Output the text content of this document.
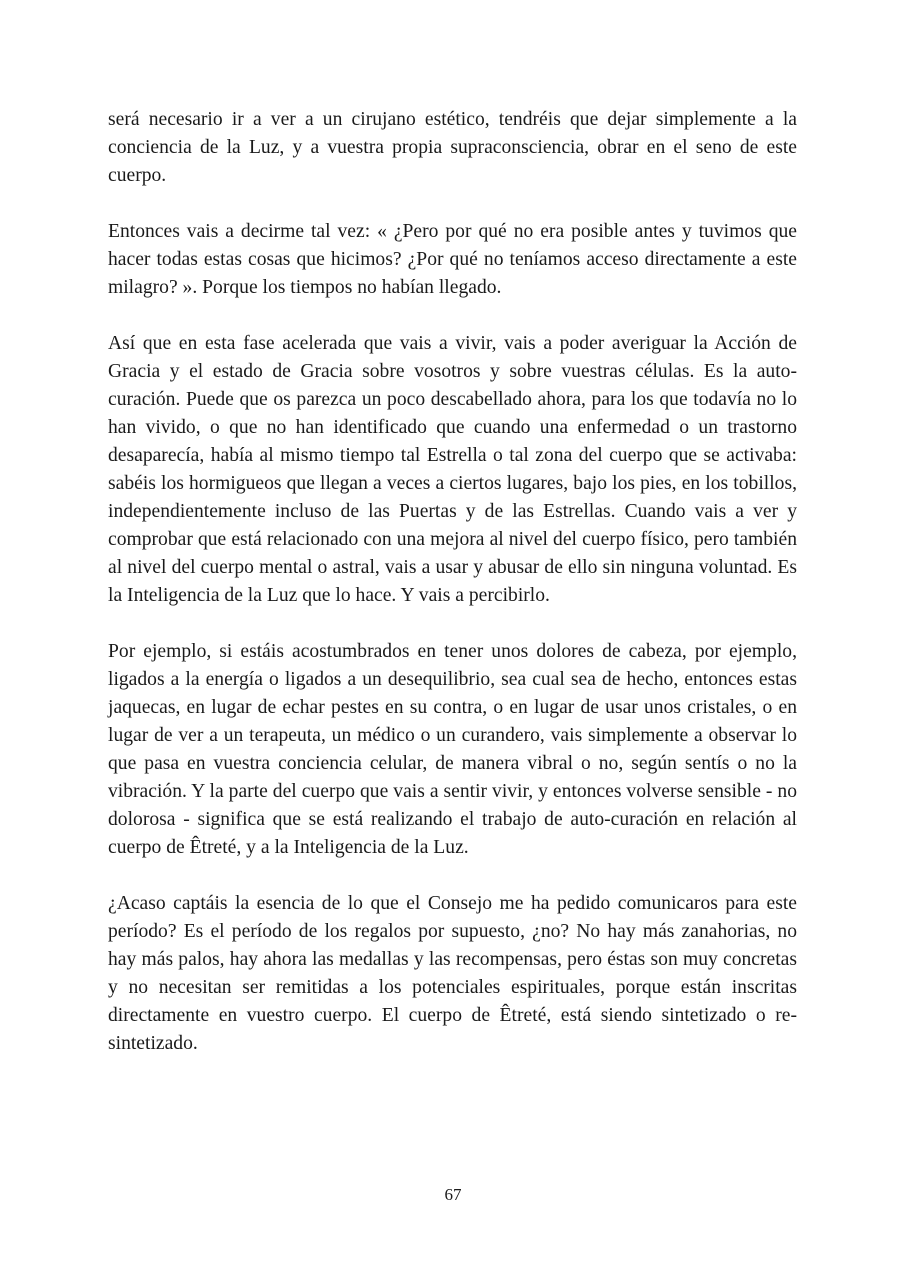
será necesario ir a ver a un cirujano estético, tendréis que dejar simplemente a la conciencia de la Luz, y a vuestra propia supraconsciencia, obrar en el seno de este cuerpo.

Entonces vais a decirme tal vez: « ¿Pero por qué no era posible antes y tuvimos que hacer todas estas cosas que hicimos? ¿Por qué no teníamos acceso directamente a este milagro? ». Porque los tiempos no habían llegado.

Así que en esta fase acelerada que vais a vivir, vais a poder averiguar la Acción de Gracia y el estado de Gracia sobre vosotros y sobre vuestras células. Es la auto-curación. Puede que os parezca un poco descabellado ahora, para los que todavía no lo han vivido, o que no han identificado que cuando una enfermedad o un trastorno desaparecía, había al mismo tiempo tal Estrella o tal zona del cuerpo que se activaba: sabéis los hormigueos que llegan a veces a ciertos lugares, bajo los pies, en los tobillos, independientemente incluso de las Puertas y de las Estrellas. Cuando vais a ver y comprobar que está relacionado con una mejora al nivel del cuerpo físico, pero también al nivel del cuerpo mental o astral, vais a usar y abusar de ello sin ninguna voluntad. Es la Inteligencia de la Luz que lo hace. Y vais a percibirlo.

Por ejemplo, si estáis acostumbrados en tener unos dolores de cabeza, por ejemplo, ligados a la energía o ligados a un desequilibrio, sea cual sea de hecho, entonces estas jaquecas, en lugar de echar pestes en su contra, o en lugar de usar unos cristales, o en lugar de ver a un terapeuta, un médico o un curandero, vais simplemente a observar lo que pasa en vuestra conciencia celular, de manera vibral o no, según sentís o no la vibración. Y la parte del cuerpo que vais a sentir vivir, y entonces volverse sensible - no dolorosa - significa que se está realizando el trabajo de auto-curación en relación al cuerpo de Êtreté, y a la Inteligencia de la Luz.

¿Acaso captáis la esencia de lo que el Consejo me ha pedido comunicaros para este período? Es el período de los regalos por supuesto, ¿no? No hay más zanahorias, no hay más palos, hay ahora las medallas y las recompensas, pero éstas son muy concretas y no necesitan ser remitidas a los potenciales espirituales, porque están inscritas directamente en vuestro cuerpo. El cuerpo de Êtreté, está siendo sintetizado o re-sintetizado.

67
